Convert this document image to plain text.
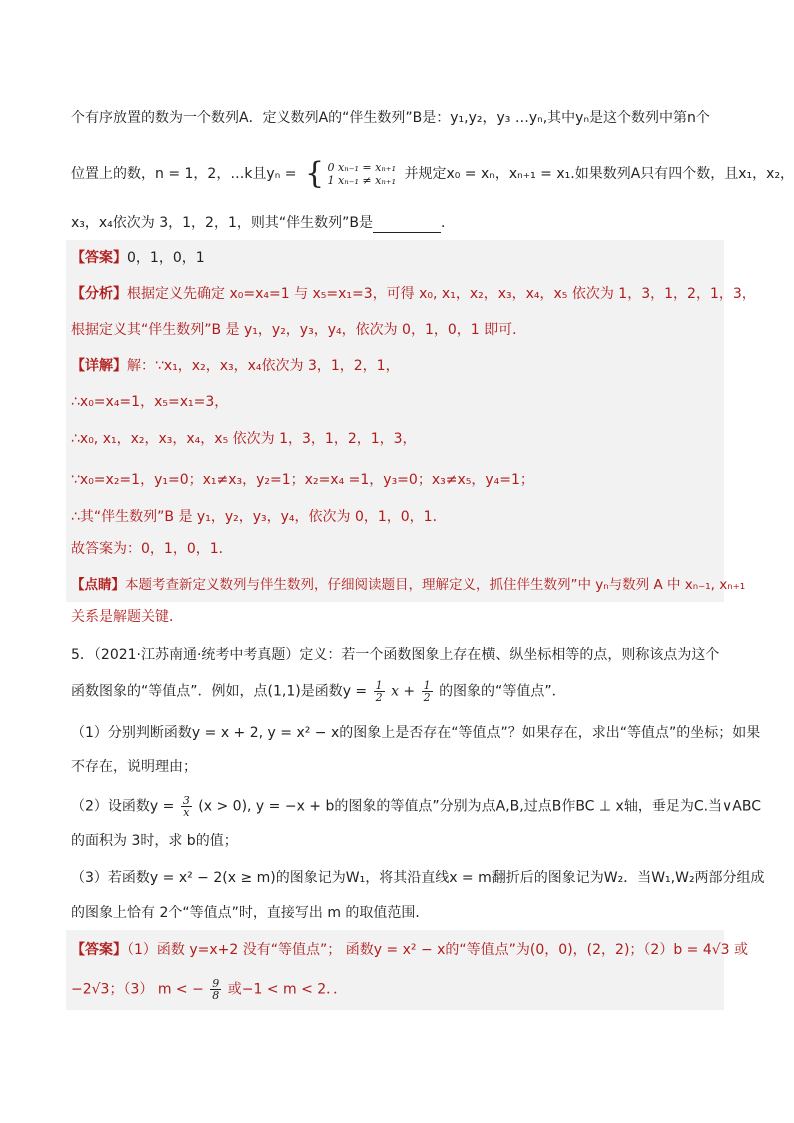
个有序放置的数为一个数列A．定义数列A的“伴生数列”B是：y₁,y₂，y₃ …yₙ,其中yₙ是这个数列中第n个
位置上的数，n = 1，2，…k且yₙ = { 0 xₙ₋₁ = xₙ₊₁
1 xₙ₋₁ ≠ xₙ₊₁ 并规定x₀ = xₙ，xₙ₊₁ = x₁.如果数列A只有四个数，且x₁，x₂，
x₃，x₄依次为 3，1，2，1，则其“伴生数列”B是	．
【答案】0，1，0，1
【分析】根据定义先确定 x₀=x₄=1 与 x₅=x₁=3，可得 x₀, x₁，x₂，x₃，x₄，x₅ 依次为 1，3，1，2，1，3，
根据定义其“伴生数列”B 是 y₁，y₂，y₃，y₄，依次为 0，1，0，1 即可．
【详解】解：∵x₁，x₂，x₃，x₄依次为 3，1，2，1，
∴x₀=x₄=1，x₅=x₁=3，
∴x₀, x₁，x₂，x₃，x₄，x₅ 依次为 1，3，1，2，1，3，
∵x₀=x₂=1，y₁=0；x₁≠x₃，y₂=1；x₂=x₄ =1，y₃=0；x₃≠x₅，y₄=1；
∴其“伴生数列”B 是 y₁，y₂，y₃，y₄，依次为 0，1，0，1．
故答案为：0，1，0，1．
【点睛】本题考查新定义数列与伴生数列，仔细阅读题目，理解定义，抓住伴生数列”中 yₙ与数列 A 中 xₙ₋₁, xₙ₊₁
关系是解题关键．
5．（2021·江苏南通·统考中考真题）定义：若一个函数图象上存在横、纵坐标相等的点，则称该点为这个
函数图象的“等值点”．例如，点(1,1)是函数$y = \frac{1}{2}$ $x + \frac{1}{2}$ 的图象的“等值点”．
（1）分别判断函数y = x + 2, y = x² − x的图象上是否存在“等值点”？如果存在，求出“等值点”的坐标；如果
不存在，说明理由；
（2）设函数$y = \frac{3}{x} (x > 0)$, y = −x + b的图象的等值点”分别为点A,B,过点B作BC ⊥ x轴，垂足为C.当∨ABC
的面积为 3时，求 b的值；
（3）若函数y = x² − 2(x ≥ m)的图象记为W₁，将其沿直线x = m翻折后的图象记为W₂．当W₁,W₂两部分组成
的图象上恰有 2个“等值点”时，直接写出 m 的取值范围．
【答案】（1）函数 y=x+2 没有“等值点”； 函数y = x² − x的“等值点”为(0，0)，(2，2)；（2）b = 4√3 或
−2√3；（3） m < − $\frac{9}{8}$ 或−1 < m < 2．．
